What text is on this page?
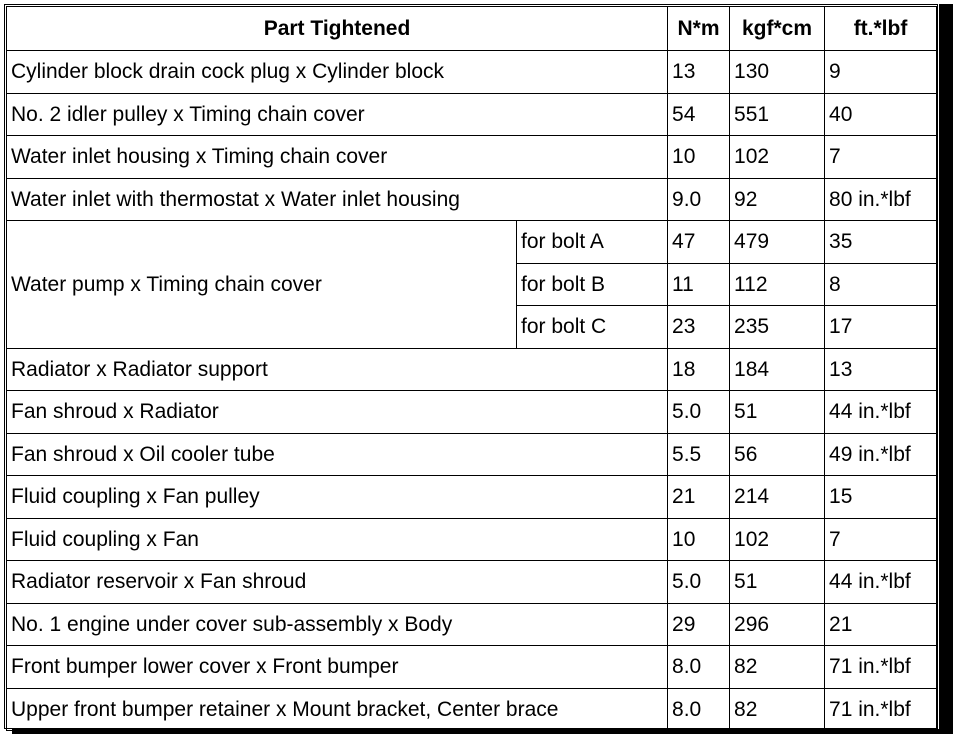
Part Tightened		N*m	kgf*cm	ft.*lbf
Cylinder block drain cock plug x Cylinder block		13	130	9
No. 2 idler pulley x Timing chain cover		54	551	40
Water inlet housing x Timing chain cover		10	102	7
Water inlet with thermostat x Water inlet housing		9.0	92	80 in.*lbf
Water pump x Timing chain cover	for bolt A	47	479	35
	for bolt B	11	112	8
	for bolt C	23	235	17
Radiator x Radiator support		18	184	13
Fan shroud x Radiator		5.0	51	44 in.*lbf
Fan shroud x Oil cooler tube		5.5	56	49 in.*lbf
Fluid coupling x Fan pulley		21	214	15
Fluid coupling x Fan		10	102	7
Radiator reservoir x Fan shroud		5.0	51	44 in.*lbf
No. 1 engine under cover sub-assembly x Body		29	296	21
Front bumper lower cover x Front bumper		8.0	82	71 in.*lbf
Upper front bumper retainer x Mount bracket, Center brace		8.0	82	71 in.*lbf
